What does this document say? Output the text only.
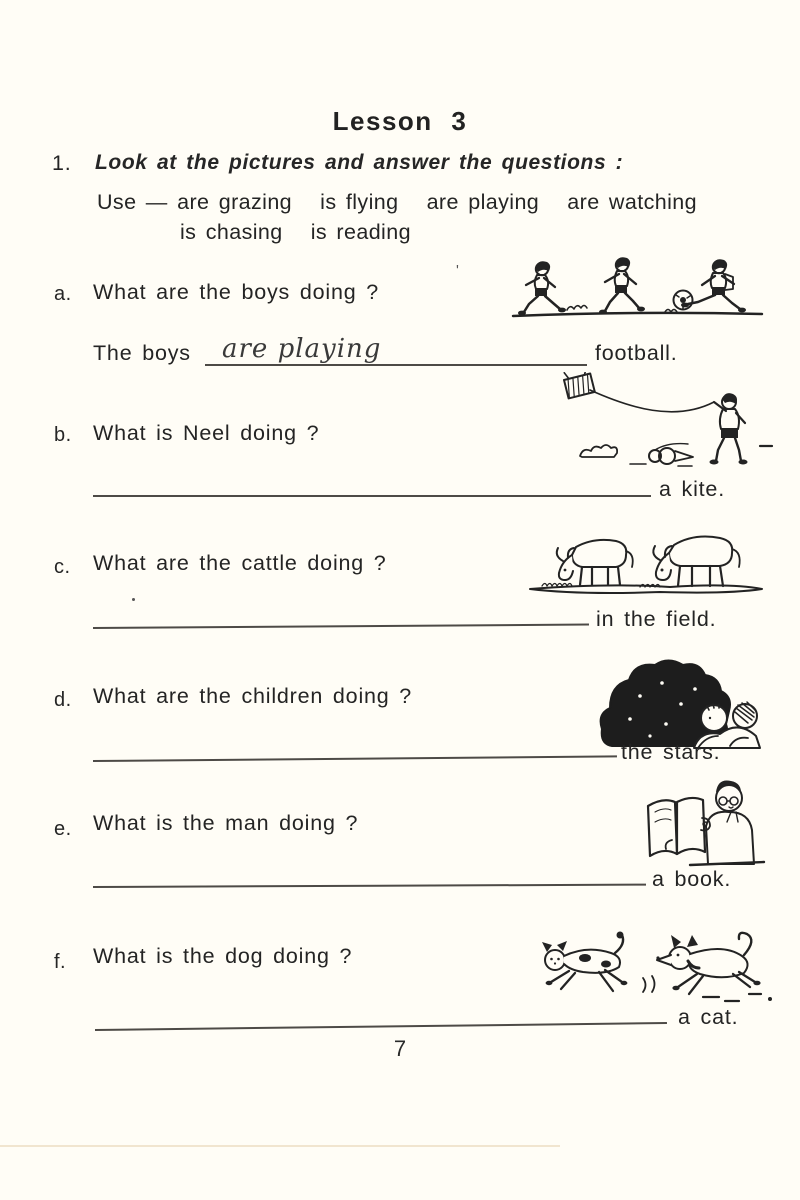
Lesson 3
1. Look at the pictures and answer the questions :
Use — are grazing   is flying   are playing   are watching
is chasing   is reading
a. What are the boys doing ?
'
The boys are playing	football.
b. What is Neel doing ?
a kite.
c. What are the cattle doing ?
in the field.
d. What are the children doing ?
the stars.
e. What is the man doing ?
a book.
f. What is the dog doing ?
a cat.
7
